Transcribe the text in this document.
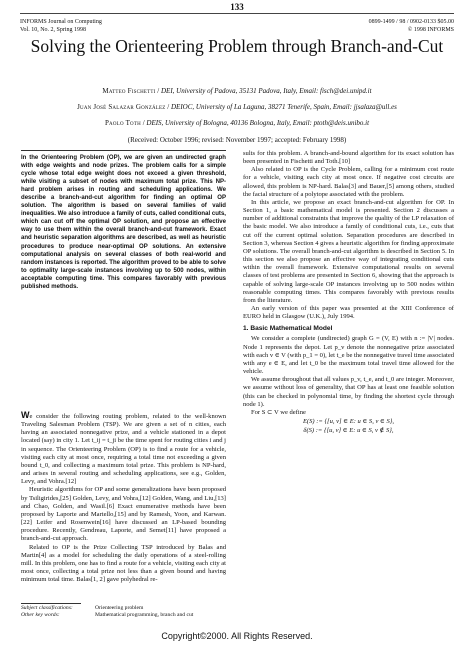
133
INFORMS Journal on Computing
Vol. 10, No. 2, Spring 1998
0899-1499 / 98 / 0902-0133 $05.00
© 1998 INFORMS
Solving the Orienteering Problem through Branch-and-Cut
Matteo Fischetti / DEI, University of Padova, 35131 Padova, Italy, Email: fisch@dei.unipd.it
Juan José Salazar González / DEIOC, University of La Laguna, 38271 Tenerife, Spain, Email: jjsalaza@ull.es
Paolo Toth / DEIS, University of Bologna, 40136 Bologna, Italy, Email: ptoth@deis.unibo.it
(Received: October 1996; revised: November 1997; accepted: February 1998)

In the Orienteering Problem (OP), we are given an undirected graph with edge weights and node prizes. The problem calls for a simple cycle whose total edge weight does not exceed a given threshold, while visiting a subset of nodes with maximum total prize. This NP-hard problem arises in routing and scheduling applications. We describe a branch-and-cut algorithm for finding an optimal OP solution. The algorithm is based on several families of valid inequalities. We also introduce a family of cuts, called conditional cuts, which can cut off the optimal OP solution, and propose an effective way to use them within the overall branch-and-cut framework. Exact and heuristic separation algorithms are described, as well as heuristic procedures to produce near-optimal OP solutions. An extensive computational analysis on several classes of both real-world and random instances is reported. The algorithm proved to be able to solve to optimality large-scale instances involving up to 500 nodes, within acceptable computing time. This compares favorably with previous published methods.

We consider the following routing problem, related to the well-known Traveling Salesman Problem (TSP). We are given a set of n cities, each having an associated nonnegative prize, and a vehicle stationed in a depot located (say) in city 1. Let t_ij = t_ji be the time spent for routing cities i and j in sequence. The Orienteering Problem (OP) is to find a route for a vehicle, visiting each city at most once, requiring a total time not exceeding a given bound t_0, and collecting a maximum total prize. This problem is NP-hard, and arises in several routing and scheduling applications, see e.g., Golden, Levy, and Vohra.[12]

Heuristic algorithms for OP and some generalizations have been proposed by Tsiligirides,[25] Golden, Levy, and Vohra,[12] Golden, Wang, and Liu,[13] and Chao, Golden, and Wasil.[6] Exact enumerative methods have been proposed by Laporte and Martello,[15] and by Ramesh, Yoon, and Karwan.[22] Leifer and Rosenwein[16] have discussed an LP-based bounding procedure. Recently, Gendreau, Laporte, and Semet[11] have proposed a branch-and-cut approach.

Related to OP is the Prize Collecting TSP introduced by Balas and Martin[4] as a model for scheduling the daily operations of a steel-rolling mill. In this problem, one has to find a route for a vehicle, visiting each city at most once, collecting a total prize not less than a given bound and having minimum total time. Balas[1, 2] gave polyhedral re-

sults for this problem. A branch-and-bound algorithm for its exact solution has been presented in Fischetti and Toth.[10]

Also related to OP is the Cycle Problem, calling for a minimum cost route for a vehicle, visiting each city at most once. If negative cost circuits are allowed, this problem is NP-hard. Balas[3] and Bauer,[5] among others, studied the facial structure of a polytope associated with the problem.

In this article, we propose an exact branch-and-cut algorithm for OP. In Section 1, a basic mathematical model is presented. Section 2 discusses a number of additional constraints that improve the quality of the LP relaxation of the basic model. We also introduce a family of conditional cuts, i.e., cuts that cut off the current optimal solution. Separation procedures are described in Section 3, whereas Section 4 gives a heuristic algorithm for finding approximate OP solutions. The overall branch-and-cut algorithm is described in Section 5. In this section we also propose an effective way of integrating conditional cuts within the overall framework. Extensive computational results on several classes of test problems are presented in Section 6, showing that the approach is capable of solving large-scale OP instances involving up to 500 nodes within reasonable computing times. This compares favorably with previous results from the literature.

An early version of this paper was presented at the XIII Conference of EURO held in Glasgow (U.K.), July 1994.

1. Basic Mathematical Model

We consider a complete (undirected) graph G = (V, E) with n := |V| nodes. Node 1 represents the depot. Let p_v denote the nonnegative prize associated with each v ∈ V (with p_1 = 0), let t_e be the nonnegative travel time associated with any e ∈ E, and let t_0 be the maximum total travel time allowed for the vehicle.

We assume throughout that all values p_v, t_e, and t_0 are integer. Moreover, we assume without loss of generality, that OP has at least one feasible solution (this can be checked in polynomial time, by finding the shortest cycle through node 1).

For S ⊂ V we define

E(S) := {[u, v] ∈ E: u ∈ S, v ∈ S},
δ(S) := {[u, v] ∈ E: u ∈ S, v ∉ S},
Subject classifications:	Orienteering problem
Other key words:	Mathematical programming, branch and cut
Copyright©2000. All Rights Reserved.
